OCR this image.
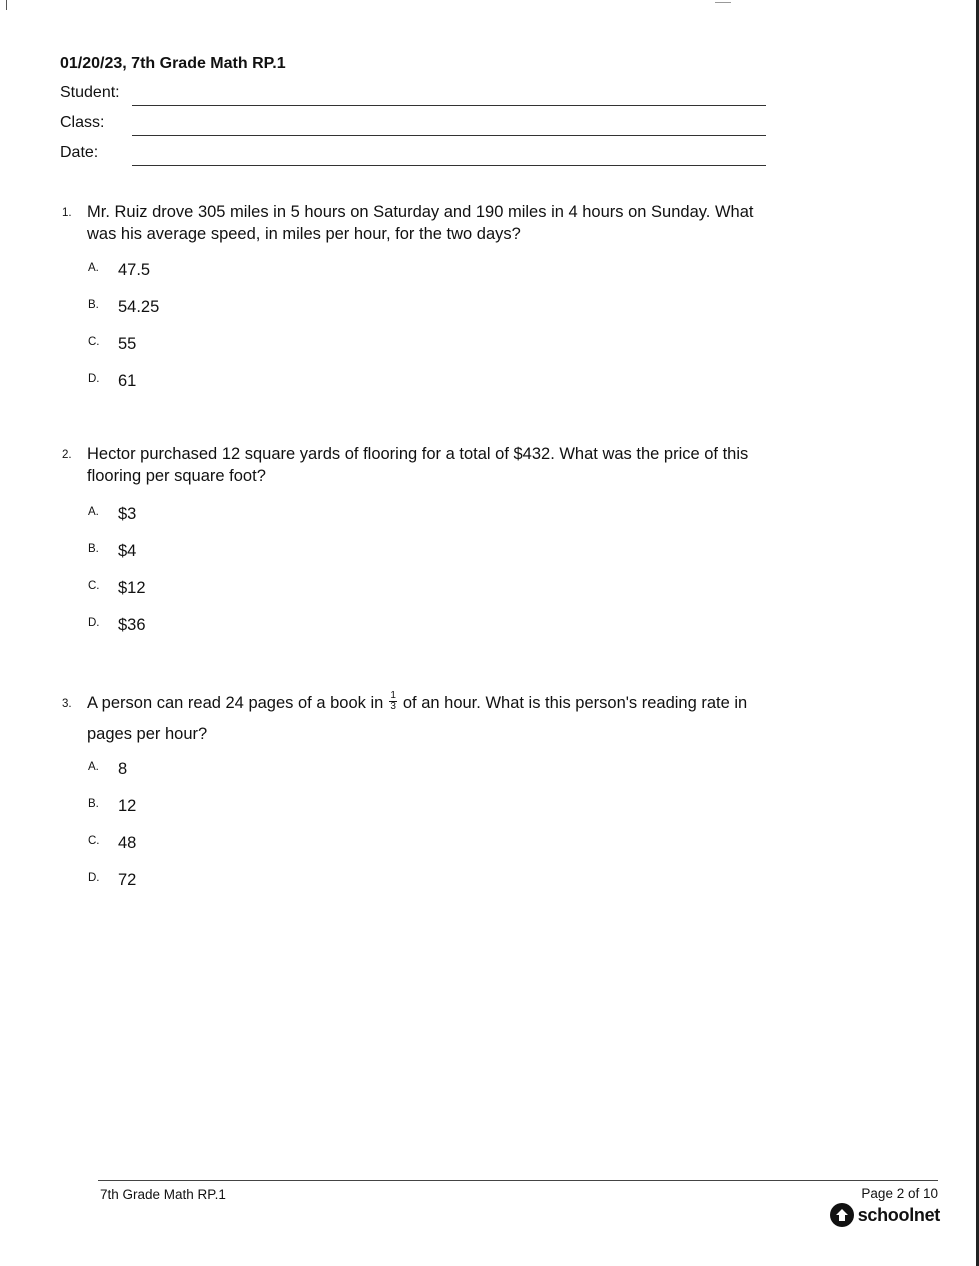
01/20/23, 7th Grade Math RP.1
Student:
Class:
Date:
1. Mr. Ruiz drove 305 miles in 5 hours on Saturday and 190 miles in 4 hours on Sunday. What was his average speed, in miles per hour, for the two days?
A.	47.5
B.	54.25
C.	55
D.	61
2. Hector purchased 12 square yards of flooring for a total of $432. What was the price of this flooring per square foot?
A.	$3
B.	$4
C.	$12
D.	$36
3. A person can read 24 pages of a book in $\frac{1}{3}$ of an hour. What is this person's reading rate in pages per hour?
A.	8
B.	12
C.	48
D.	72
7th Grade Math RP.1	Page 2 of 10
schoolnet
